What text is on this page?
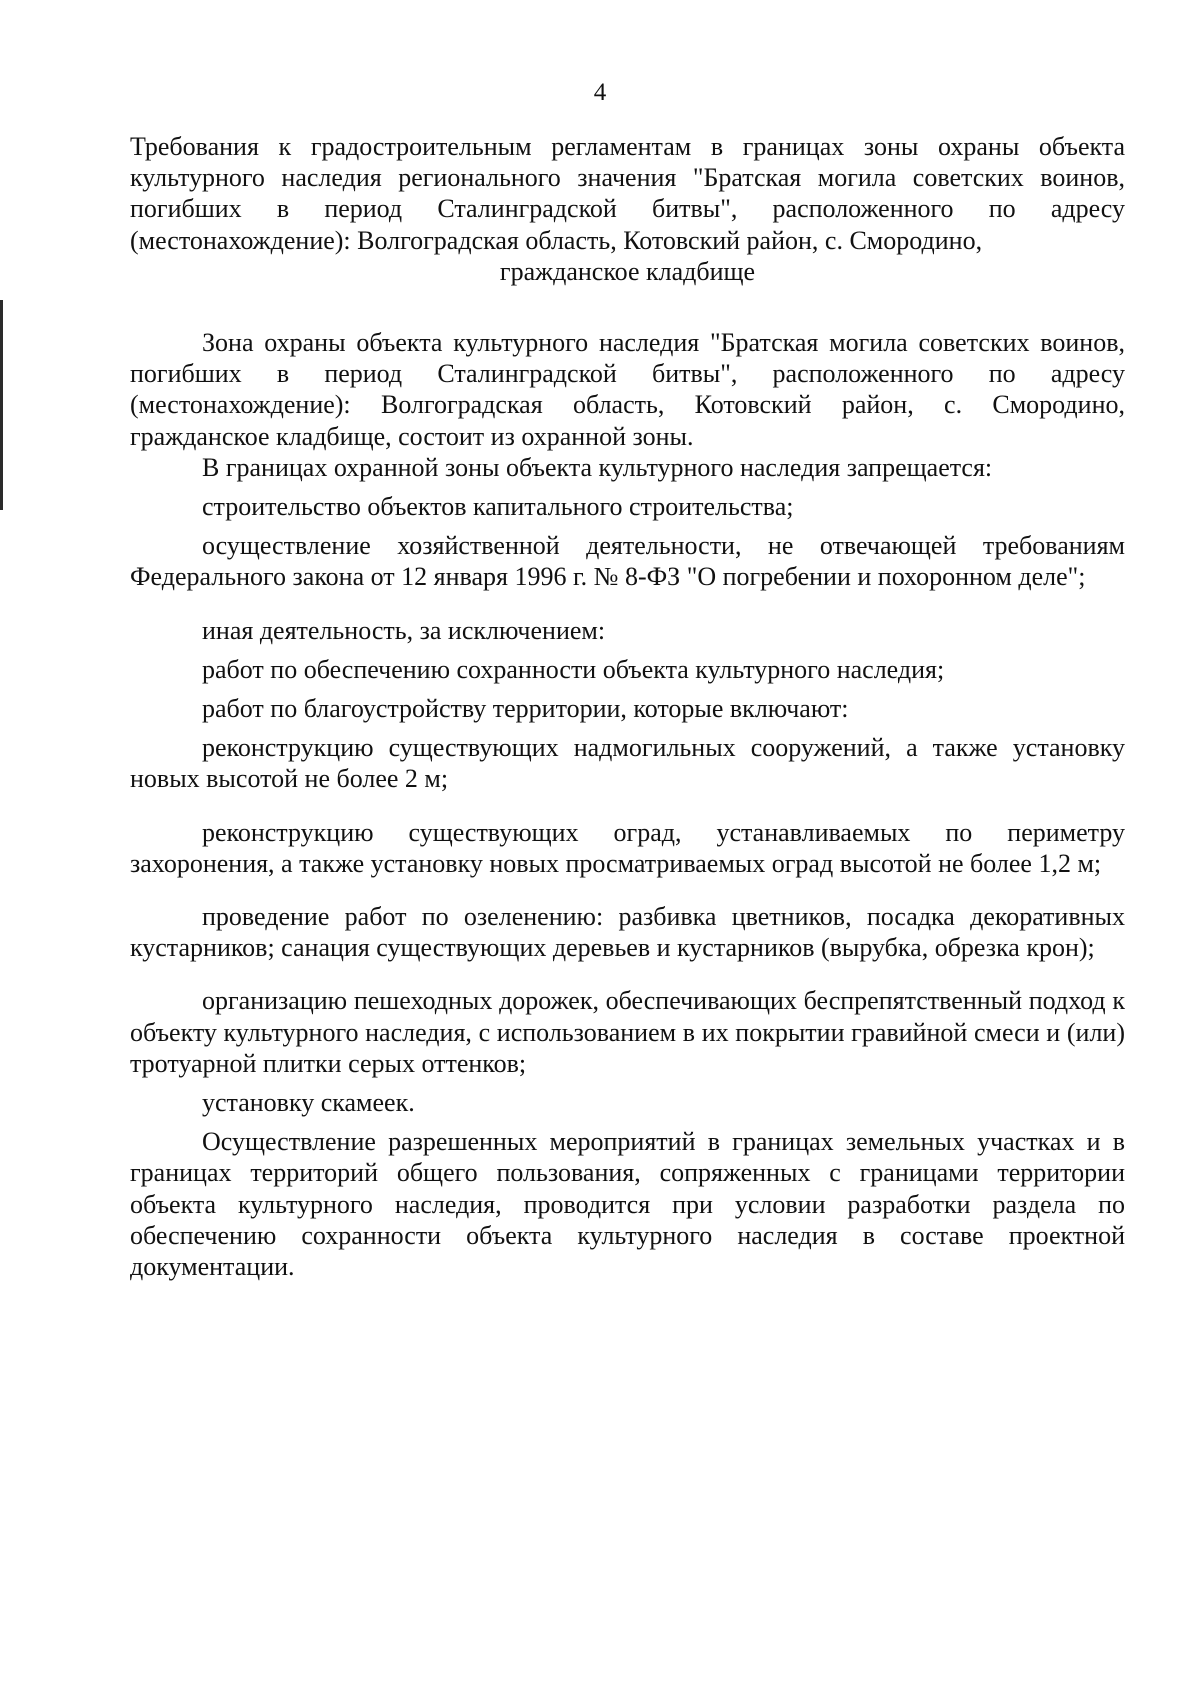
4

Требования к градостроительным регламентам в границах зоны охраны объекта культурного наследия регионального значения "Братская могила советских воинов, погибших в период Сталинградской битвы", расположенного по адресу (местонахождение): Волгоградская область, Котовский район, с. Смородино,

гражданское кладбище

Зона охраны объекта культурного наследия "Братская могила советских воинов, погибших в период Сталинградской битвы", расположенного по адресу (местонахождение): Волгоградская область, Котовский район, с. Смородино, гражданское кладбище, состоит из охранной зоны.

В границах охранной зоны объекта культурного наследия запрещается:

строительство объектов капитального строительства;

осуществление хозяйственной деятельности, не отвечающей требованиям Федерального закона от 12 января 1996 г. № 8-ФЗ "О погребении и похоронном деле";

иная деятельность, за исключением:

работ по обеспечению сохранности объекта культурного наследия;

работ по благоустройству территории, которые включают:

реконструкцию существующих надмогильных сооружений, а также установку новых высотой не более 2 м;

реконструкцию существующих оград, устанавливаемых по периметру захоронения, а также установку новых просматриваемых оград высотой не более 1,2 м;

проведение работ по озеленению: разбивка цветников, посадка декоративных кустарников; санация существующих деревьев и кустарников (вырубка, обрезка крон);

организацию пешеходных дорожек, обеспечивающих беспрепятственный подход к объекту культурного наследия, с использованием в их покрытии гравийной смеси и (или) тротуарной плитки серых оттенков;

установку скамеек.

Осуществление разрешенных мероприятий в границах земельных участках и в границах территорий общего пользования, сопряженных с границами территории объекта культурного наследия, проводится при условии разработки раздела по обеспечению сохранности объекта культурного наследия в составе проектной документации.
